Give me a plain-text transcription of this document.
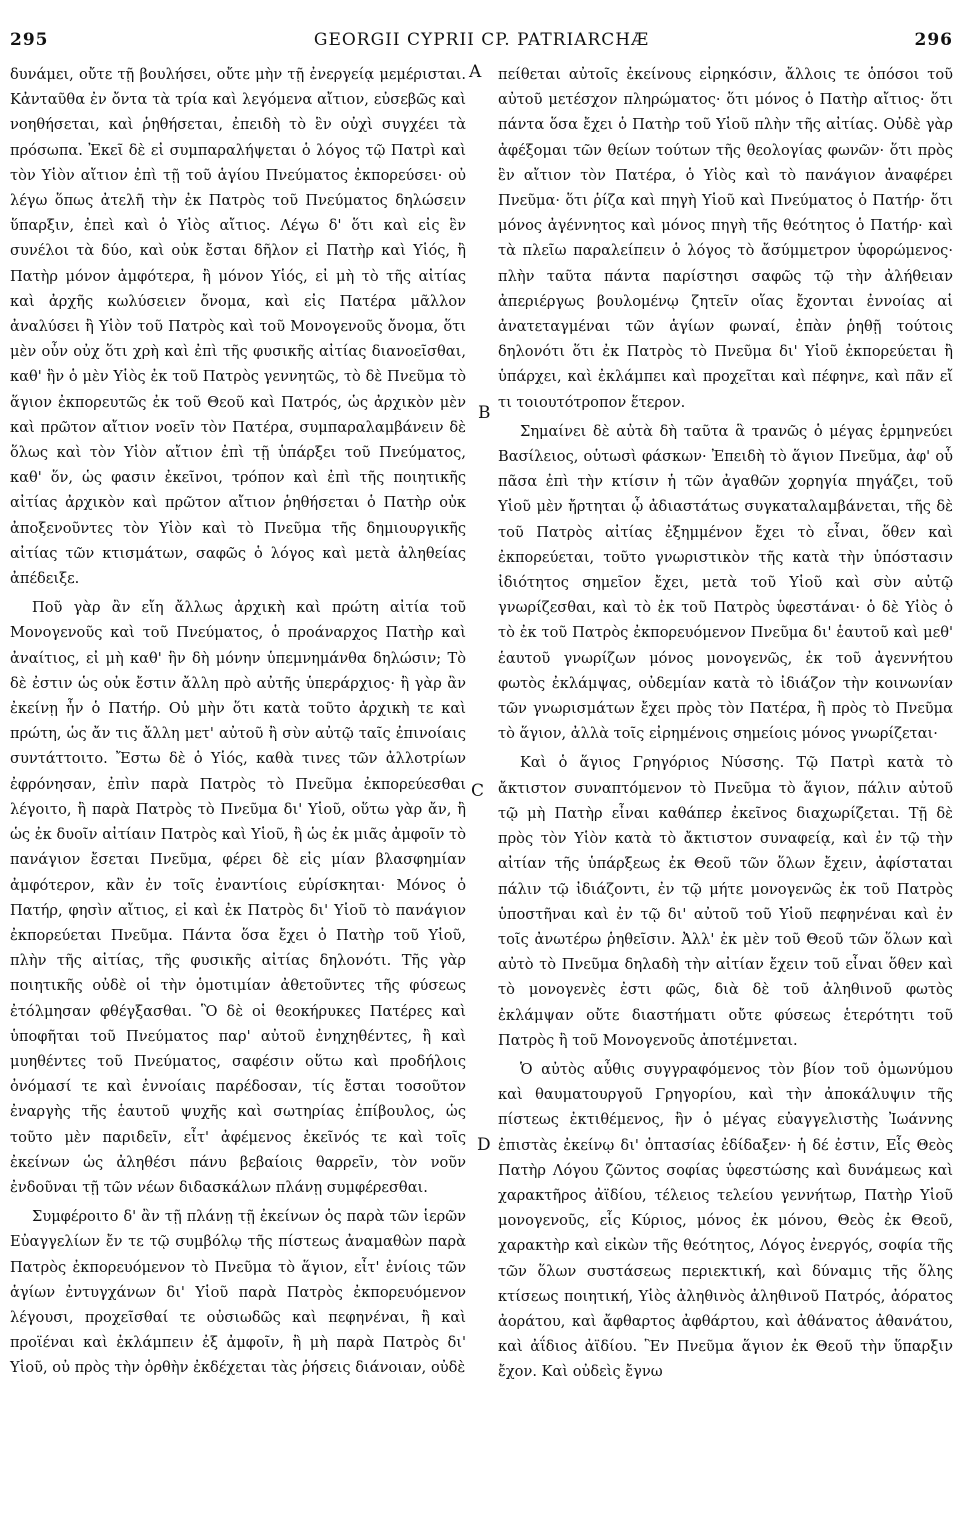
295	GEORGII CYPRII CP. PATRIARCHÆ	296

δυνάμει, οὔτε τῇ βουλήσει, οὔτε μὴν τῇ ἐνεργείᾳ μεμέρισται. Κἀνταῦθα ἐν ὄντα τὰ τρία καὶ λεγόμενα αἴτιον, εὐσεβῶς καὶ νοηθήσεται, καὶ ῥηθήσεται, ἐπειδὴ τὸ ἓν οὐχὶ συγχέει τὰ πρόσωπα. Ἐκεῖ δὲ εἰ συμπαραλήψεται ὁ λόγος τῷ Πατρὶ καὶ τὸν Υἱὸν αἴτιον ἐπὶ τῇ τοῦ ἁγίου Πνεύματος ἐκπορεύσει· οὐ λέγω ὅπως ἀτελῆ τὴν ἐκ Πατρὸς τοῦ Πνεύματος δηλώσειν ὕπαρξιν, ἐπεὶ καὶ ὁ Υἱὸς αἴτιος. Λέγω δ' ὅτι καὶ εἰς ἓν συνέλοι τὰ δύο, καὶ οὐκ ἔσται δῆλον εἰ Πατὴρ καὶ Υἱός, ἢ Πατὴρ μόνον ἀμφότερα, ἢ μόνον Υἱός, εἰ μὴ τὸ τῆς αἰτίας καὶ ἀρχῆς κωλύσειεν ὄνομα, καὶ εἰς Πατέρα μᾶλλον ἀναλύσει ἢ Υἱὸν τοῦ Πατρὸς καὶ τοῦ Μονογενοῦς ὄνομα, ὅτι μὲν οὖν οὐχ ὅτι χρὴ καὶ ἐπὶ τῆς φυσικῆς αἰτίας διανοεῖσθαι, καθ' ἣν ὁ μὲν Υἱὸς ἐκ τοῦ Πατρὸς γεννητῶς, τὸ δὲ Πνεῦμα τὸ ἅγιον ἐκπορευτῶς ἐκ τοῦ Θεοῦ καὶ Πατρός, ὡς ἀρχικὸν μὲν καὶ πρῶτον αἴτιον νοεῖν τὸν Πατέρα, συμπαραλαμβάνειν δὲ ὅλως καὶ τὸν Υἱὸν αἴτιον ἐπὶ τῇ ὑπάρξει τοῦ Πνεύματος, καθ' ὅν, ὡς φασιν ἐκεῖνοι, τρόπον καὶ ἐπὶ τῆς ποιητικῆς αἰτίας ἀρχικὸν καὶ πρῶτον αἴτιον ῥηθήσεται ὁ Πατὴρ οὐκ ἀποξενοῦντες τὸν Υἱὸν καὶ τὸ Πνεῦμα τῆς δημιουργικῆς αἰτίας τῶν κτισμάτων, σαφῶς ὁ λόγος καὶ μετὰ ἀληθείας ἀπέδειξε.

Ποῦ γὰρ ἂν εἴη ἄλλως ἀρχικὴ καὶ πρώτη αἰτία τοῦ Μονογενοῦς καὶ τοῦ Πνεύματος, ὁ προάναρχος Πατὴρ καὶ ἀναίτιος, εἰ μὴ καθ' ἣν δὴ μόνην ὑπεμνημάνθα δηλώσιν; Τὸ δὲ ἐστιν ὡς οὐκ ἔστιν ἄλλη πρὸ αὐτῆς ὑπεράρχιος· ἢ γὰρ ἂν ἐκείνῃ ἦν ὁ Πατήρ. Οὐ μὴν ὅτι κατὰ τοῦτο ἀρχικὴ τε καὶ πρώτη, ὡς ἄν τις ἄλλη μετ' αὐτοῦ ἢ σὺν αὐτῷ ταῖς ἐπινοίαις συντάττοιτο. Ἔστω δὲ ὁ Υἱός, καθὰ τινες τῶν ἀλλοτρίων ἐφρόνησαν, ἐπὶν παρὰ Πατρὸς τὸ Πνεῦμα ἐκπορεύεσθαι λέγοιτο, ἢ παρὰ Πατρὸς τὸ Πνεῦμα δι' Υἱοῦ, οὕτω γὰρ ἄν, ἢ ὡς ἐκ δυοῖν αἰτίαιν Πατρὸς καὶ Υἱοῦ, ἢ ὡς ἐκ μιᾶς ἀμφοῖν τὸ πανάγιον ἔσεται Πνεῦμα, φέρει δὲ εἰς μίαν βλασφημίαν ἀμφότερον, κἂν ἐν τοῖς ἐναντίοις εὑρίσκηται· Μόνος ὁ Πατήρ, φησὶν αἴτιος, εἰ καὶ ἐκ Πατρὸς δι' Υἱοῦ τὸ πανάγιον ἐκπορεύεται Πνεῦμα. Πάντα ὅσα ἔχει ὁ Πατὴρ τοῦ Υἱοῦ, πλὴν τῆς αἰτίας, τῆς φυσικῆς αἰτίας δηλονότι. Τῆς γὰρ ποιητικῆς οὐδὲ οἱ τὴν ὁμοτιμίαν ἀθετοῦντες τῆς φύσεως ἐτόλμησαν φθέγξασθαι. Ὃ δὲ οἱ θεοκήρυκες Πατέρες καὶ ὑποφῆται τοῦ Πνεύματος παρ' αὐτοῦ ἐνηχηθέντες, ἢ καὶ μυηθέντες τοῦ Πνεύματος, σαφέσιν οὕτω καὶ προδήλοις ὀνόμασί τε καὶ ἐννοίαις παρέδοσαν, τίς ἔσται τοσοῦτον ἐναργὴς τῆς ἑαυτοῦ ψυχῆς καὶ σωτηρίας ἐπίβουλος, ὡς τοῦτο μὲν παριδεῖν, εἶτ' ἀφέμενος ἐκεῖνός τε καὶ τοῖς ἐκείνων ὡς ἀληθέσι πάνυ βεβαίοις θαρρεῖν, τὸν νοῦν ἐνδοῦναι τῇ τῶν νέων διδασκάλων πλάνῃ συμφέρεσθαι.

Συμφέροιτο δ' ἂν τῇ πλάνῃ τῇ ἐκείνων ὁς παρὰ τῶν ἱερῶν Εὐαγγελίων ἔν τε τῷ συμβόλῳ τῆς πίστεως ἀναμαθὼν παρὰ Πατρὸς ἐκπορευόμενον τὸ Πνεῦμα τὸ ἅγιον, εἶτ' ἐνίοις τῶν ἁγίων ἐντυγχάνων δι' Υἱοῦ παρὰ Πατρὸς ἐκπορευόμενον λέγουσι, προχεῖσθαί τε οὐσιωδῶς καὶ πεφηνέναι, ἢ καὶ προϊέναι καὶ ἐκλάμπειν ἐξ ἀμφοῖν, ἢ μὴ παρὰ Πατρὸς δι' Υἱοῦ, οὐ πρὸς τὴν ὀρθὴν ἐκδέχεται τὰς ῥήσεις διάνοιαν, οὐδὲ

A
B
C
D

πείθεται αὐτοῖς ἐκείνους εἰρηκόσιν, ἄλλοις τε ὁπόσοι τοῦ αὐτοῦ μετέσχον πληρώματος· ὅτι μόνος ὁ Πατὴρ αἴτιος· ὅτι πάντα ὅσα ἔχει ὁ Πατὴρ τοῦ Υἱοῦ πλὴν τῆς αἰτίας. Οὐδὲ γὰρ ἀφέξομαι τῶν θείων τούτων τῆς θεολογίας φωνῶν· ὅτι πρὸς ἓν αἴτιον τὸν Πατέρα, ὁ Υἱὸς καὶ τὸ πανάγιον ἀναφέρει Πνεῦμα· ὅτι ῥίζα καὶ πηγὴ Υἱοῦ καὶ Πνεύματος ὁ Πατήρ· ὅτι μόνος ἀγέννητος καὶ μόνος πηγὴ τῆς θεότητος ὁ Πατήρ· καὶ τὰ πλεῖω παραλείπειν ὁ λόγος τὸ ἄσύμμετρον ὑφορώμενος· πλὴν ταῦτα πάντα παρίστησι σαφῶς τῷ τὴν ἀλήθειαν ἀπεριέργως βουλομένῳ ζητεῖν οἵας ἔχονται ἐννοίας αἱ ἀνατεταγμέναι τῶν ἁγίων φωναί, ἐπὰν ῥηθῇ τούτοις δηλονότι ὅτι ἐκ Πατρὸς τὸ Πνεῦμα δι' Υἱοῦ ἐκπορεύεται ἢ ὑπάρχει, καὶ ἐκλάμπει καὶ προχεῖται καὶ πέφηνε, καὶ πᾶν εἴ τι τοιουτότροπον ἕτερον.

Σημαίνει δὲ αὐτὰ δὴ ταῦτα ἃ τρανῶς ὁ μέγας ἑρμηνεύει Βασίλειος, οὑτωσὶ φάσκων· Ἐπειδὴ τὸ ἅγιον Πνεῦμα, ἀφ' οὗ πᾶσα ἐπὶ τὴν κτίσιν ἡ τῶν ἀγαθῶν χορηγία πηγάζει, τοῦ Υἱοῦ μὲν ἤρτηται ᾧ ἀδιαστάτως συγκαταλαμβάνεται, τῆς δὲ τοῦ Πατρὸς αἰτίας ἐξημμένον ἔχει τὸ εἶναι, ὅθεν καὶ ἐκπορεύεται, τοῦτο γνωριστικὸν τῆς κατὰ τὴν ὑπόστασιν ἰδιότητος σημεῖον ἔχει, μετὰ τοῦ Υἱοῦ καὶ σὺν αὐτῷ γνωρίζεσθαι, καὶ τὸ ἐκ τοῦ Πατρὸς ὑφεστάναι· ὁ δὲ Υἱὸς ὁ τὸ ἐκ τοῦ Πατρὸς ἐκπορευόμενον Πνεῦμα δι' ἑαυτοῦ καὶ μεθ' ἑαυτοῦ γνωρίζων μόνος μονογενῶς, ἐκ τοῦ ἀγεννήτου φωτὸς ἐκλάμψας, οὐδεμίαν κατὰ τὸ ἰδιάζον τὴν κοινωνίαν τῶν γνωρισμάτων ἔχει πρὸς τὸν Πατέρα, ἢ πρὸς τὸ Πνεῦμα τὸ ἅγιον, ἀλλὰ τοῖς εἰρημένοις σημείοις μόνος γνωρίζεται·

Καὶ ὁ ἅγιος Γρηγόριος Νύσσης. Τῷ Πατρὶ κατὰ τὸ ἄκτιστον συναπτόμενον τὸ Πνεῦμα τὸ ἅγιον, πάλιν αὐτοῦ τῷ μὴ Πατὴρ εἶναι καθάπερ ἐκεῖνος διαχωρίζεται. Τῇ δὲ πρὸς τὸν Υἱὸν κατὰ τὸ ἄκτιστον συναφείᾳ, καὶ ἐν τῷ τὴν αἰτίαν τῆς ὑπάρξεως ἐκ Θεοῦ τῶν ὅλων ἔχειν, ἀφίσταται πάλιν τῷ ἰδιάζοντι, ἐν τῷ μήτε μονογενῶς ἐκ τοῦ Πατρὸς ὑποστῆναι καὶ ἐν τῷ δι' αὐτοῦ τοῦ Υἱοῦ πεφηνέναι καὶ ἐν τοῖς ἀνωτέρω ῥηθεῖσιν. Ἀλλ' ἐκ μὲν τοῦ Θεοῦ τῶν ὅλων καὶ αὐτὸ τὸ Πνεῦμα δηλαδὴ τὴν αἰτίαν ἔχειν τοῦ εἶναι ὅθεν καὶ τὸ μονογενὲς ἐστι φῶς, διὰ δὲ τοῦ ἀληθινοῦ φωτὸς ἐκλάμψαν οὔτε διαστήματι οὔτε φύσεως ἑτερότητι τοῦ Πατρὸς ἢ τοῦ Μονογενοῦς ἀποτέμνεται.

Ὁ αὐτὸς αὖθις συγγραφόμενος τὸν βίον τοῦ ὁμωνύμου καὶ θαυματουργοῦ Γρηγορίου, καὶ τὴν ἀποκάλυψιν τῆς πίστεως ἐκτιθέμενος, ἣν ὁ μέγας εὐαγγελιστὴς Ἰωάννης ἐπιστὰς ἐκείνῳ δι' ὀπτασίας ἐδίδαξεν· ἡ δέ ἐστιν, Εἷς Θεὸς Πατὴρ Λόγου ζῶντος σοφίας ὑφεστώσης καὶ δυνάμεως καὶ χαρακτῆρος ἀϊδίου, τέλειος τελείου γεννήτωρ, Πατὴρ Υἱοῦ μονογενοῦς, εἷς Κύριος, μόνος ἐκ μόνου, Θεὸς ἐκ Θεοῦ, χαρακτὴρ καὶ εἰκὼν τῆς θεότητος, Λόγος ἐνεργός, σοφία τῆς τῶν ὅλων συστάσεως περιεκτική, καὶ δύναμις τῆς ὅλης κτίσεως ποιητική, Υἱὸς ἀληθινὸς ἀληθινοῦ Πατρός, ἀόρατος ἀοράτου, καὶ ἄφθαρτος ἀφθάρτου, καὶ ἀθάνατος ἀθανάτου, καὶ ἀΐδιος ἀϊδίου. Ἓν Πνεῦμα ἅγιον ἐκ Θεοῦ τὴν ὕπαρξιν ἔχον. Καὶ οὐδεὶς ἔγνω
